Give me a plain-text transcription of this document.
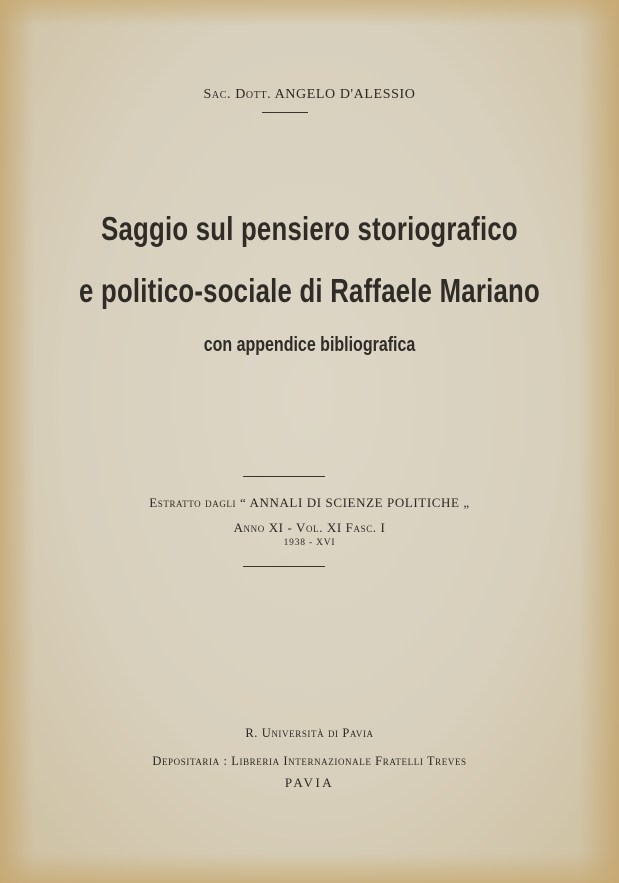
Sac. Dott. ANGELO D'ALESSIO
Saggio sul pensiero storiografico
e politico-sociale di Raffaele Mariano
con appendice bibliografica
Estratto dagli “ ANNALI DI SCIENZE POLITICHE „
Anno XI - Vol. XI Fasc. I
1938 - XVI
R. Università di Pavia
Depositaria : Libreria Internazionale Fratelli Treves
PAVIA
